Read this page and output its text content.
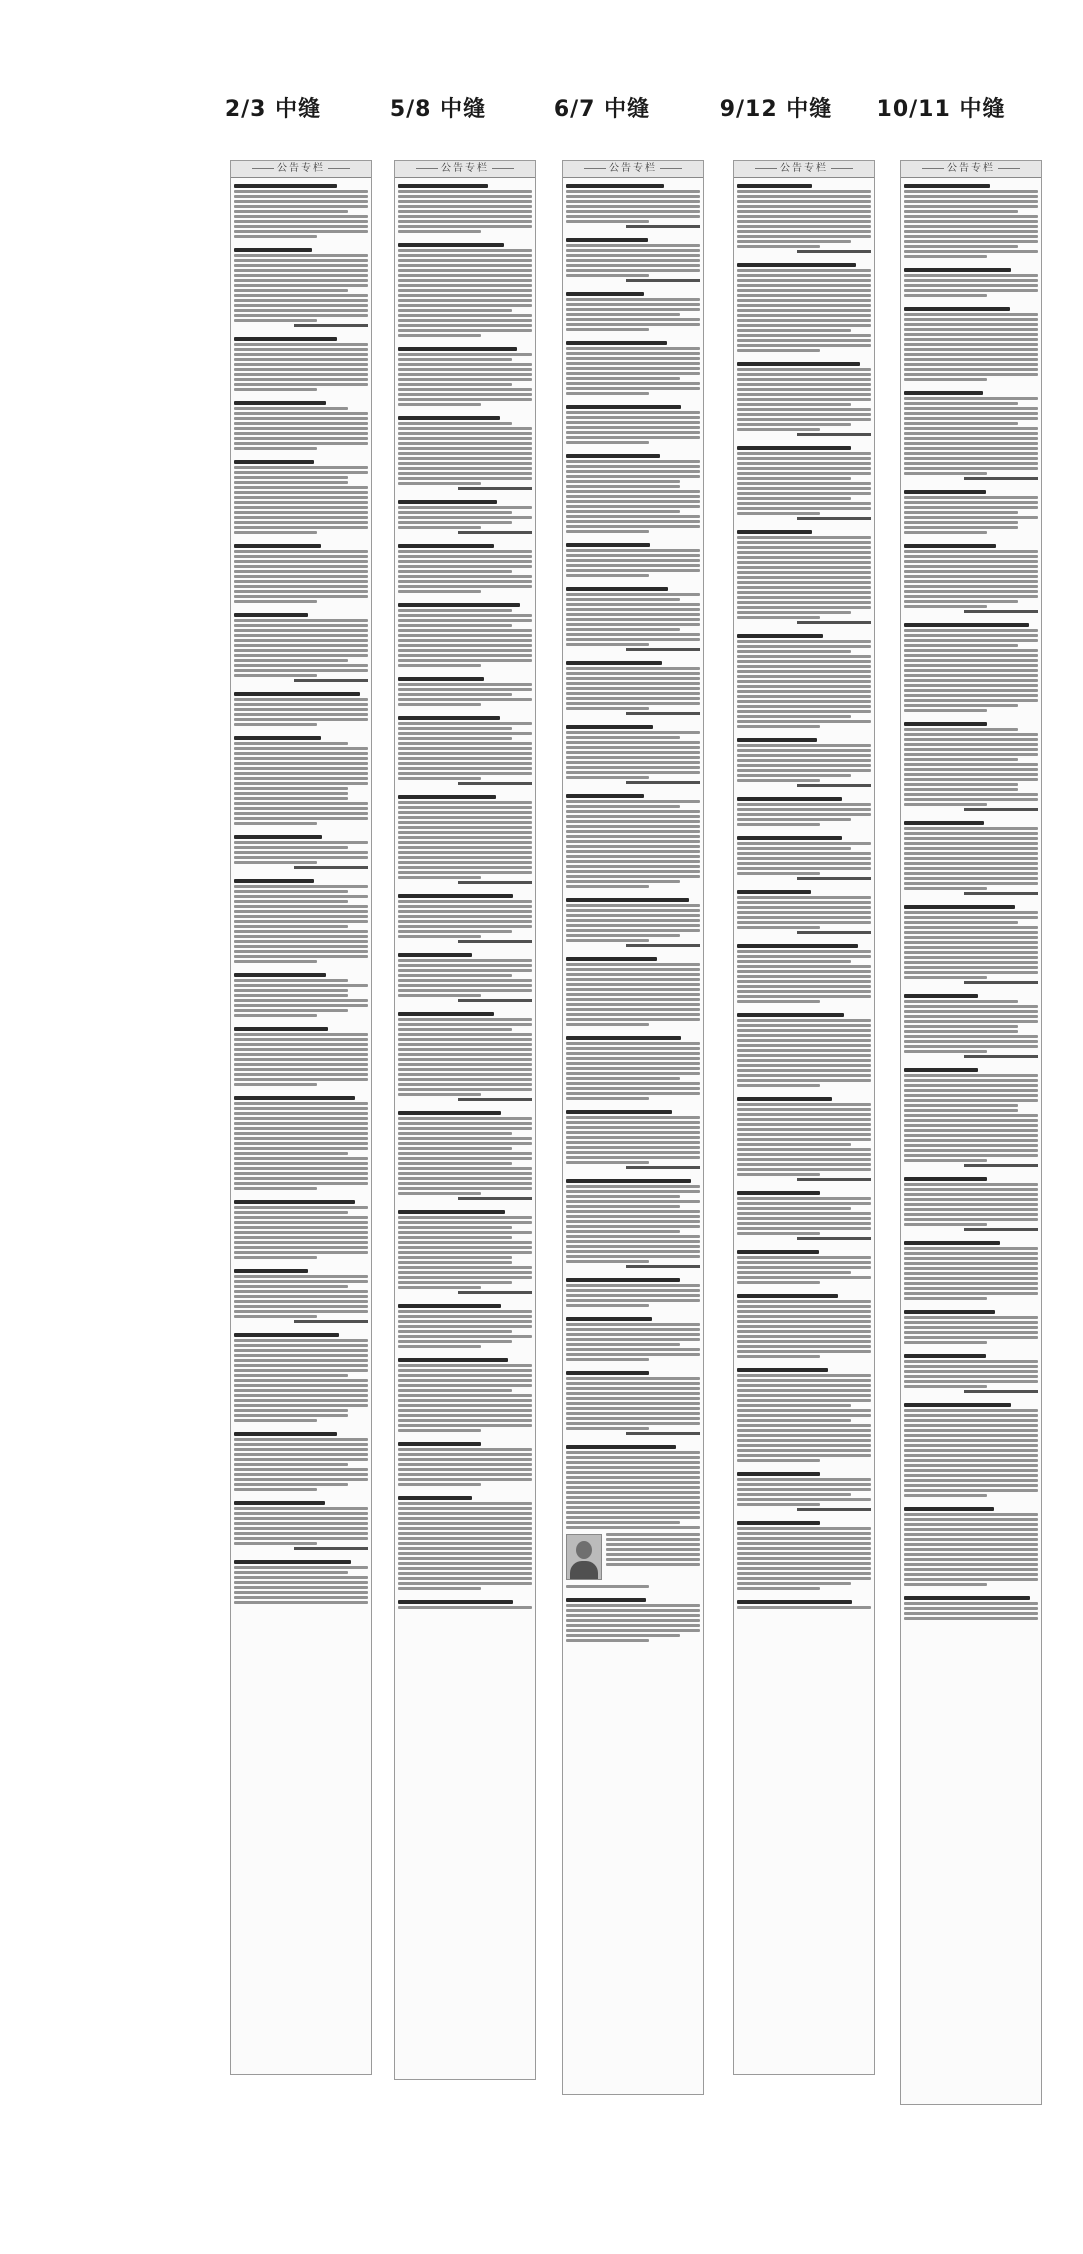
2/3 中缝	5/8 中缝	6/7 中缝	9/12 中缝	10/11 中缝
公告专栏	公告专栏	公告专栏	公告专栏	公告专栏
